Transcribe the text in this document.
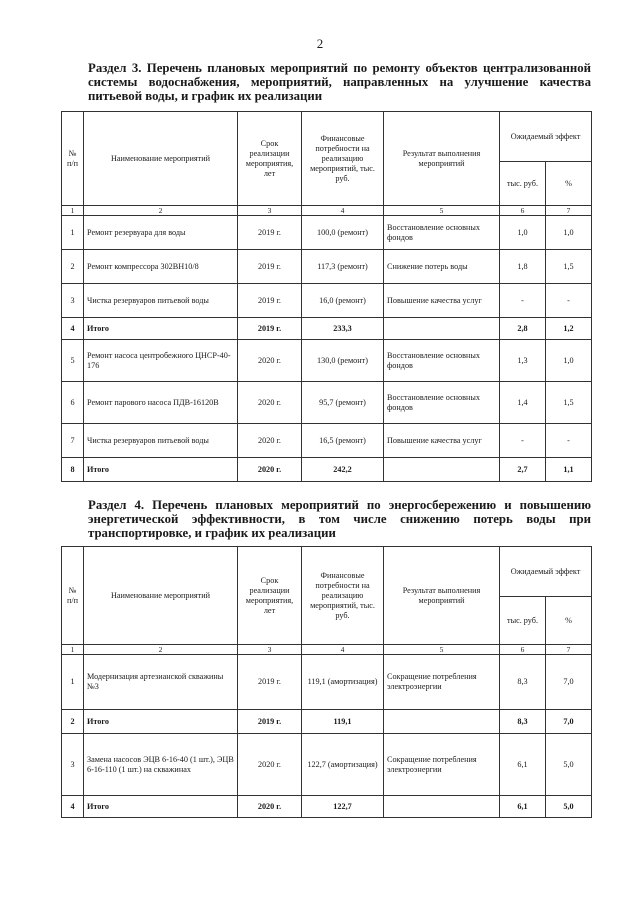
2
Раздел 3. Перечень плановых мероприятий по ремонту объектов централизованной системы водоснабжения, мероприятий, направленных на улучшение качества питьевой воды, и график их реализации
№ п/п	Наименование мероприятий	Срок реализации мероприятия, лет	Финансовые потребности на реализацию мероприятий, тыс. руб.	Результат выполнения мероприятий	Ожидаемый эффект	
					тыс. руб.	%
1	2	3	4	5	6	7
1	Ремонт резервуара для воды	2019 г.	100,0 (ремонт)	Восстановление основных фондов	1,0	1,0
2	Ремонт компрессора 302ВН10/8	2019 г.	117,3 (ремонт)	Снижение потерь воды	1,8	1,5
3	Чистка резервуаров питьевой воды	2019 г.	16,0 (ремонт)	Повышение качества услуг	-	-
4	Итого	2019 г.	233,3		2,8	1,2
5	Ремонт насоса центробежного ЦНСР-40-176	2020 г.	130,0 (ремонт)	Восстановление основных фондов	1,3	1,0
6	Ремонт парового насоса ПДВ-16120В	2020 г.	95,7 (ремонт)	Восстановление основных фондов	1,4	1,5
7	Чистка резервуаров питьевой воды	2020 г.	16,5 (ремонт)	Повышение качества услуг	-	-
8	Итого	2020 г.	242,2		2,7	1,1
Раздел 4. Перечень плановых мероприятий по энергосбережению и повышению энергетической эффективности, в том числе снижению потерь воды при транспортировке, и график их реализации
№ п/п	Наименование мероприятий	Срок реализации мероприятия, лет	Финансовые потребности на реализацию мероприятий, тыс. руб.	Результат выполнения мероприятий	Ожидаемый эффект	
					тыс. руб.	%
1	2	3	4	5	6	7
1	Модернизация артезианской скважины №3	2019 г.	119,1 (амортизация)	Сокращение потребления электроэнергии	8,3	7,0
2	Итого	2019 г.	119,1		8,3	7,0
3	Замена насосов ЭЦВ 6-16-40 (1 шт.), ЭЦВ 6-16-110 (1 шт.) на скважинах	2020 г.	122,7 (амортизация)	Сокращение потребления электроэнергии	6,1	5,0
4	Итого	2020 г.	122,7		6,1	5,0
